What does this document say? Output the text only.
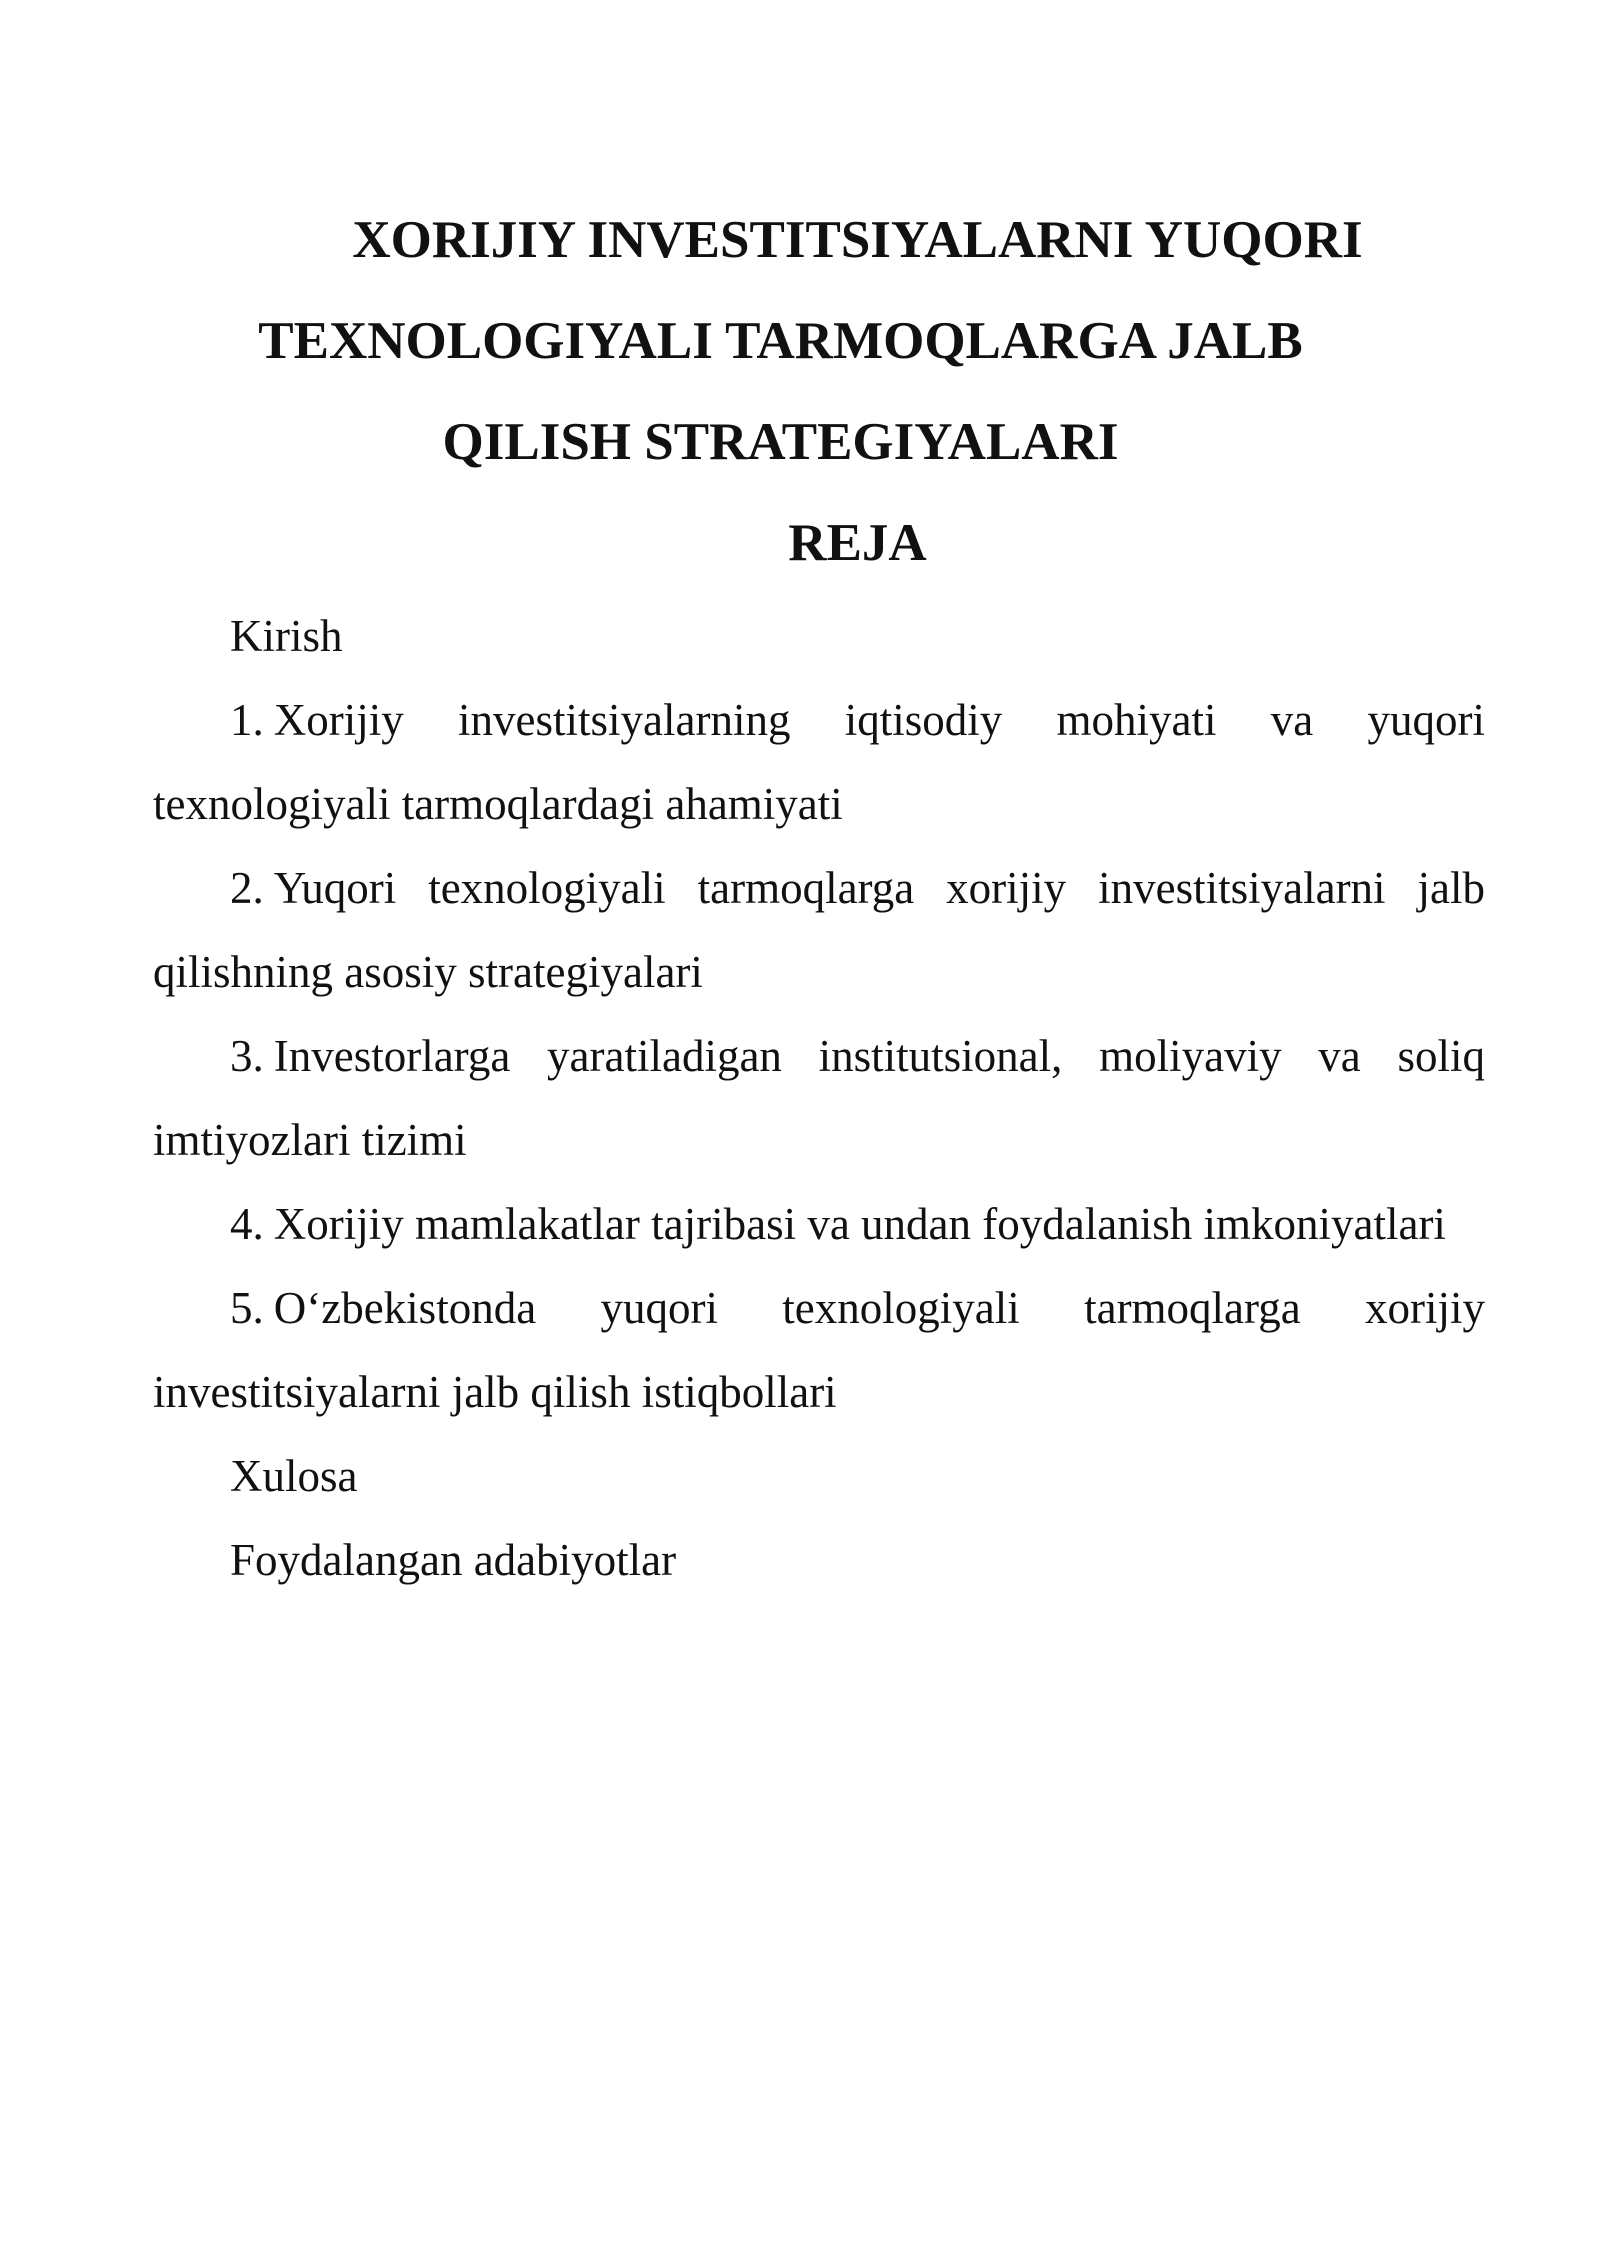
XORIJIY INVESTITSIYALARNI YUQORI
TEXNOLOGIYALI TARMOQLARGA JALB
QILISH STRATEGIYALARI
REJA
Kirish
1. Xorijiy investitsiyalarning iqtisodiy mohiyati va yuqori texnologiyali tarmoqlardagi ahamiyati
2. Yuqori texnologiyali tarmoqlarga xorijiy investitsiyalarni jalb qilishning asosiy strategiyalari
3. Investorlarga yaratiladigan institutsional, moliyaviy va soliq imtiyozlari tizimi
4. Xorijiy mamlakatlar tajribasi va undan foydalanish imkoniyatlari
5. O‘zbekistonda yuqori texnologiyali tarmoqlarga xorijiy investitsiyalarni jalb qilish istiqbollari
Xulosa
Foydalangan adabiyotlar
